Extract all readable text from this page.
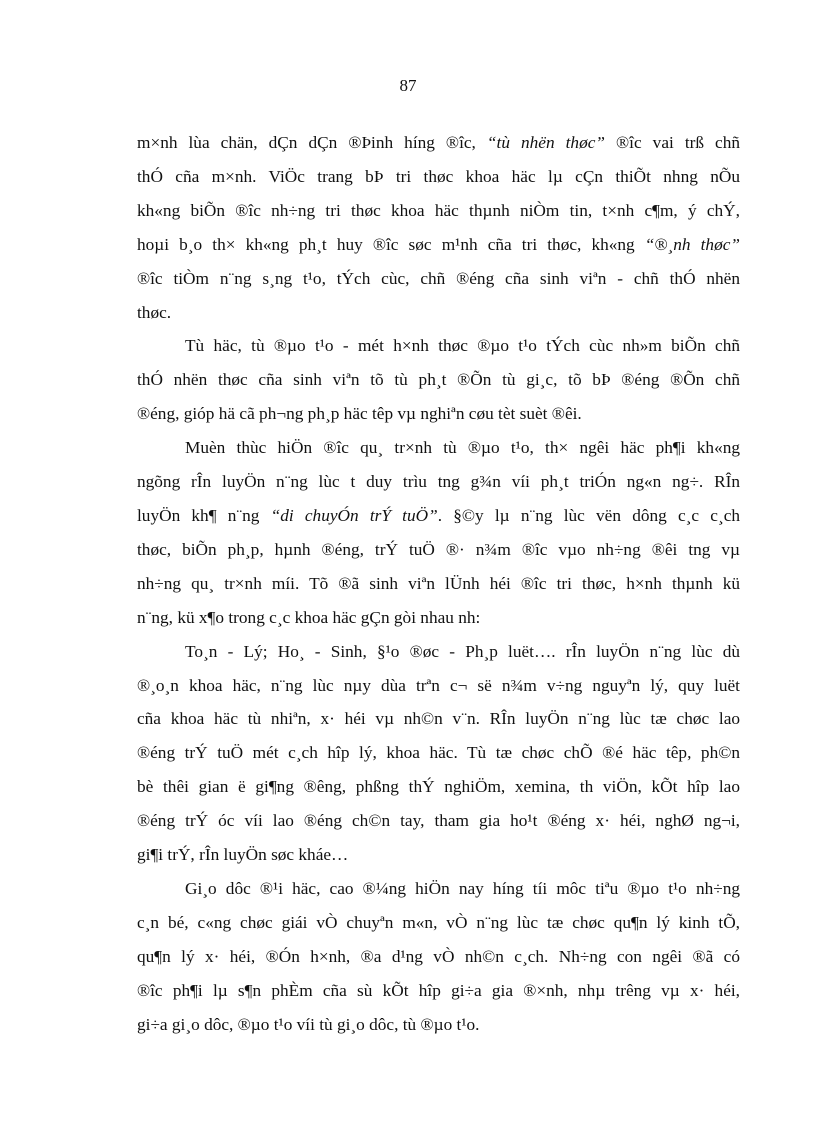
87

m×nh lùa chän, dÇn dÇn ®Þinh híng ®îc, “tù nhën thøc” ®îc vai trß chñ
thÓ cña m×nh. ViÖc trang bÞ tri thøc khoa häc lµ cÇn thiÕt nhng nÕu
kh«ng biÕn ®îc nh÷ng tri thøc khoa häc thµnh niÒm tin, t×nh c¶m, ý chÝ,
hoµi b¸o th× kh«ng ph¸t huy ®îc søc m¹nh cña tri thøc, kh«ng “®¸nh thøc”
®îc tiÒm n¨ng s¸ng t¹o, tÝch cùc, chñ ®éng cña sinh viªn - chñ thÓ nhën
thøc.

Tù häc, tù ®µo t¹o - mét h×nh thøc ®µo t¹o tÝch cùc nh»m biÕn chñ
thÓ nhën thøc cña sinh viªn tõ tù ph¸t ®Õn tù gi¸c, tõ bÞ ®éng ®Õn chñ
®éng, gióp hä cã ph¬ng ph¸p häc têp vµ nghiªn cøu tèt suèt ®êi.

Muèn thùc hiÖn ®îc qu¸ tr×nh tù ®µo t¹o, th× ngêi häc ph¶i kh«ng
ngõng rÎn luyÖn n¨ng lùc t duy trìu tng g¾n víi ph¸t triÓn ng«n ng÷. RÎn
luyÖn kh¶ n¨ng “di chuyÓn trÝ tuÖ”. §©y lµ n¨ng lùc vën dông c¸c c¸ch
thøc, biÕn ph¸p, hµnh ®éng, trÝ tuÖ ®· n¾m ®îc vµo nh÷ng ®êi tng vµ
nh÷ng qu¸ tr×nh míi. Tõ ®ã sinh viªn lÜnh héi ®îc tri thøc, h×nh thµnh kü
n¨ng, kü x¶o trong c¸c khoa häc gÇn gòi nhau nh:

To¸n - Lý; Ho¸ - Sinh, §¹o ®øc - Ph¸p luët…. rÎn luyÖn n¨ng lùc dù
®¸o¸n khoa häc, n¨ng lùc nµy dùa trªn c¬ së n¾m v÷ng nguyªn lý, quy luët
cña khoa häc tù nhiªn, x· héi vµ nh©n v¨n. RÎn luyÖn n¨ng lùc tæ chøc lao
®éng trÝ tuÖ mét c¸ch hîp lý, khoa häc. Tù tæ chøc chÕ ®é häc têp, ph©n
bè thêi gian ë gi¶ng ®êng, phßng thÝ nghiÖm, xemina, th viÖn, kÕt hîp lao
®éng trÝ óc víi lao ®éng ch©n tay, tham gia ho¹t ®éng x· héi, nghØ ng¬i,
gi¶i trÝ, rÎn luyÖn søc kháe…

Gi¸o dôc ®¹i häc, cao ®¼ng hiÖn nay híng tíi môc tiªu ®µo t¹o nh÷ng
c¸n bé, c«ng chøc giái vÒ chuyªn m«n, vÒ n¨ng lùc tæ chøc qu¶n lý kinh tÕ,
qu¶n lý x· héi, ®Ón h×nh, ®a d¹ng vÒ nh©n c¸ch. Nh÷ng con ngêi ®ã có
®îc ph¶i lµ s¶n phÈm cña sù kÕt hîp gi÷a gia ®×nh, nhµ trêng vµ x· héi,
gi÷a gi¸o dôc, ®µo t¹o víi tù gi¸o dôc, tù ®µo t¹o.
